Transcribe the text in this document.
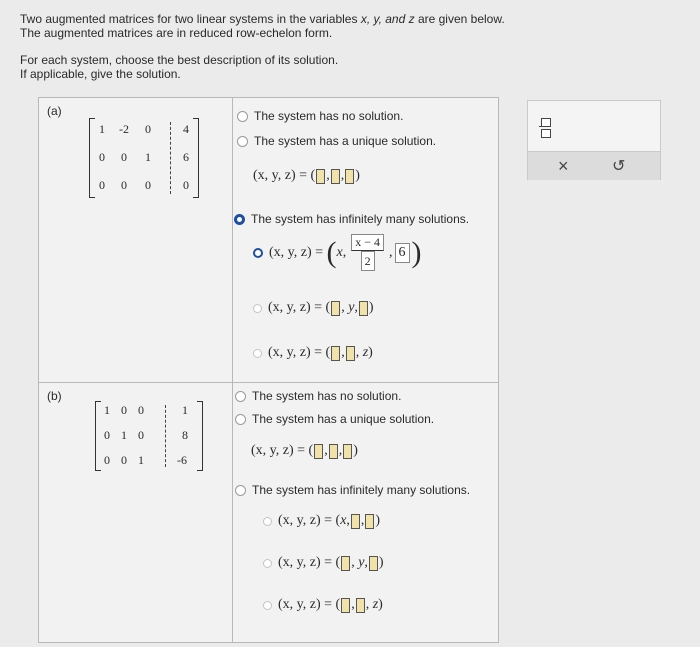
Two augmented matrices for two linear systems in the variables x, y, and z are given below.

The augmented matrices are in reduced row-echelon form.

For each system, choose the best description of its solution.

If applicable, give the solution.

(a)
1	-2	0	4
0	0	1	6
0	0	0	0
The system has no solution.
The system has a unique solution.
(x, y, z) = ( , , )
The system has infinitely many solutions.
(x, y, z) =
( x , $\frac{x - 4}{2}$ , 6 )
(x, y, z) = ( , y , )
(x, y, z) = ( , , z )
(b)
1 0 0	1
0 1 0	8
0 0 1	-6
The system has no solution.
The system has a unique solution.
(x, y, z) = ( , , )
The system has infinitely many solutions.
(x, y, z) = ( x , , )
(x, y, z) = ( , y , )
(x, y, z) = ( , , z )
×	↺
